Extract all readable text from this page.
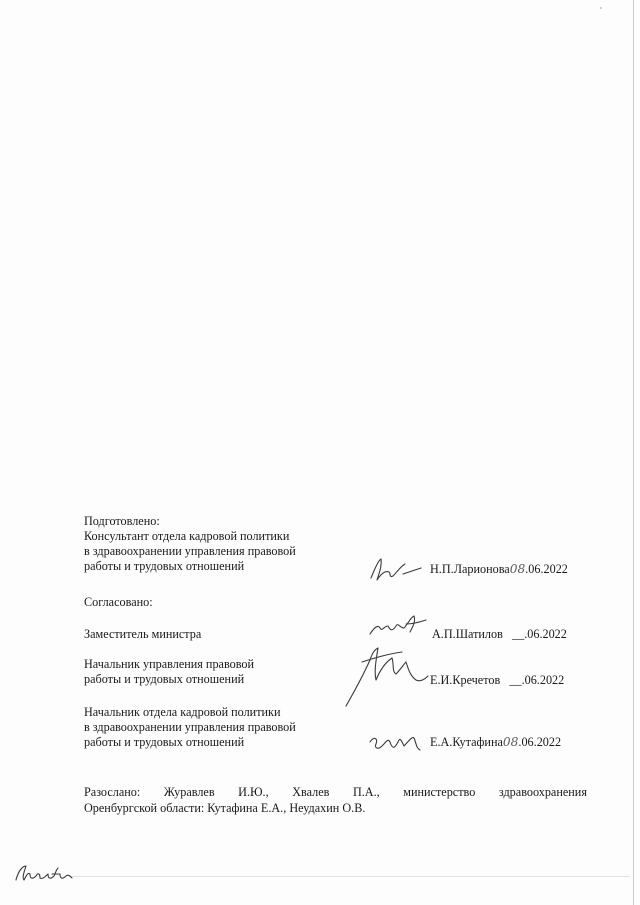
Подготовлено:
Консультант отдела кадровой политики
в здравоохранении управления правовой
работы и трудовых отношений	Н.П.Ларионова08.06.2022
Согласовано:
Заместитель министра	А.П.Шатилов __.06.2022
Начальник управления правовой
работы и трудовых отношений	Е.И.Кречетов __.06.2022
Начальник отдела кадровой политики
в здравоохранении управления правовой
работы и трудовых отношений	Е.А.Кутафина08.06.2022
Разослано: Журавлев И.Ю., Хвалев П.А., министерство здравоохранения
Оренбургской области: Кутафина Е.А., Неудахин О.В.
